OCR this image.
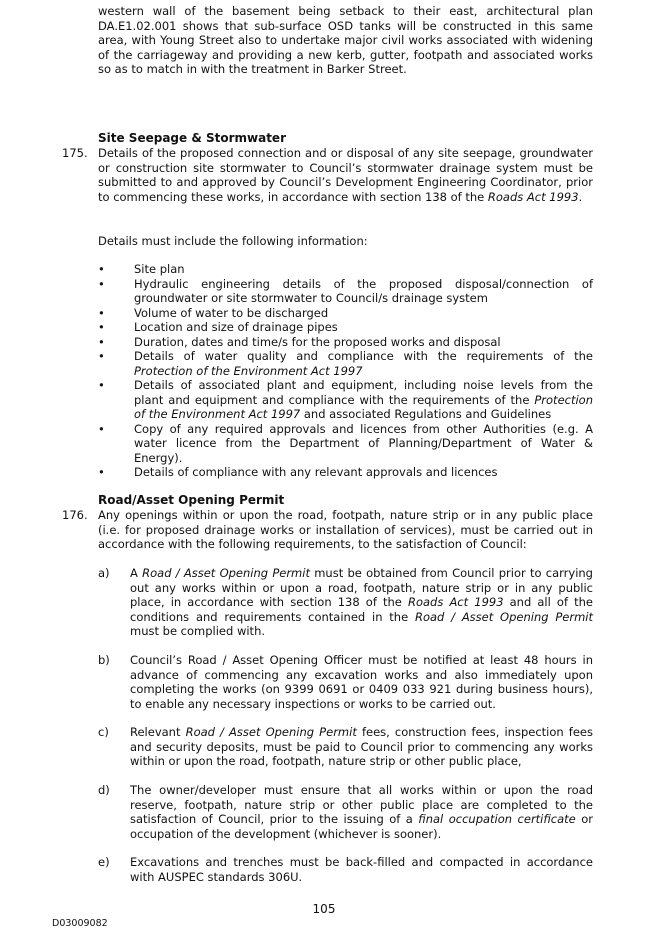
western wall of the basement being setback to their east, architectural plan DA.E1.02.001 shows that sub-surface OSD tanks will be constructed in this same area, with Young Street also to undertake major civil works associated with widening of the carriageway and providing a new kerb, gutter, footpath and associated works so as to match in with the treatment in Barker Street.

Site Seepage & Stormwater
175. Details of the proposed connection and or disposal of any site seepage, groundwater or construction site stormwater to Council’s stormwater drainage system must be submitted to and approved by Council’s Development Engineering Coordinator, prior to commencing these works, in accordance with section 138 of the Roads Act 1993.

Details must include the following information:
•	Site plan
•	Hydraulic engineering details of the proposed disposal/connection of groundwater or site stormwater to Council/s drainage system
•	Volume of water to be discharged
•	Location and size of drainage pipes
•	Duration, dates and time/s for the proposed works and disposal
•	Details of water quality and compliance with the requirements of the Protection of the Environment Act 1997
•	Details of associated plant and equipment, including noise levels from the plant and equipment and compliance with the requirements of the Protection of the Environment Act 1997 and associated Regulations and Guidelines
•	Copy of any required approvals and licences from other Authorities (e.g. A water licence from the Department of Planning/Department of Water & Energy).
•	Details of compliance with any relevant approvals and licences
Road/Asset Opening Permit
176. Any openings within or upon the road, footpath, nature strip or in any public place (i.e. for proposed drainage works or installation of services), must be carried out in accordance with the following requirements, to the satisfaction of Council:
a) A Road / Asset Opening Permit must be obtained from Council prior to carrying out any works within or upon a road, footpath, nature strip or in any public place, in accordance with section 138 of the Roads Act 1993 and all of the conditions and requirements contained in the Road / Asset Opening Permit must be complied with.
b) Council’s Road / Asset Opening Officer must be notified at least 48 hours in advance of commencing any excavation works and also immediately upon completing the works (on 9399 0691 or 0409 033 921 during business hours), to enable any necessary inspections or works to be carried out.
c) Relevant Road / Asset Opening Permit fees, construction fees, inspection fees and security deposits, must be paid to Council prior to commencing any works within or upon the road, footpath, nature strip or other public place,
d) The owner/developer must ensure that all works within or upon the road reserve, footpath, nature strip or other public place are completed to the satisfaction of Council, prior to the issuing of a final occupation certificate or occupation of the development (whichever is sooner).
e) Excavations and trenches must be back-filled and compacted in accordance with AUSPEC standards 306U.
105
D03009082
